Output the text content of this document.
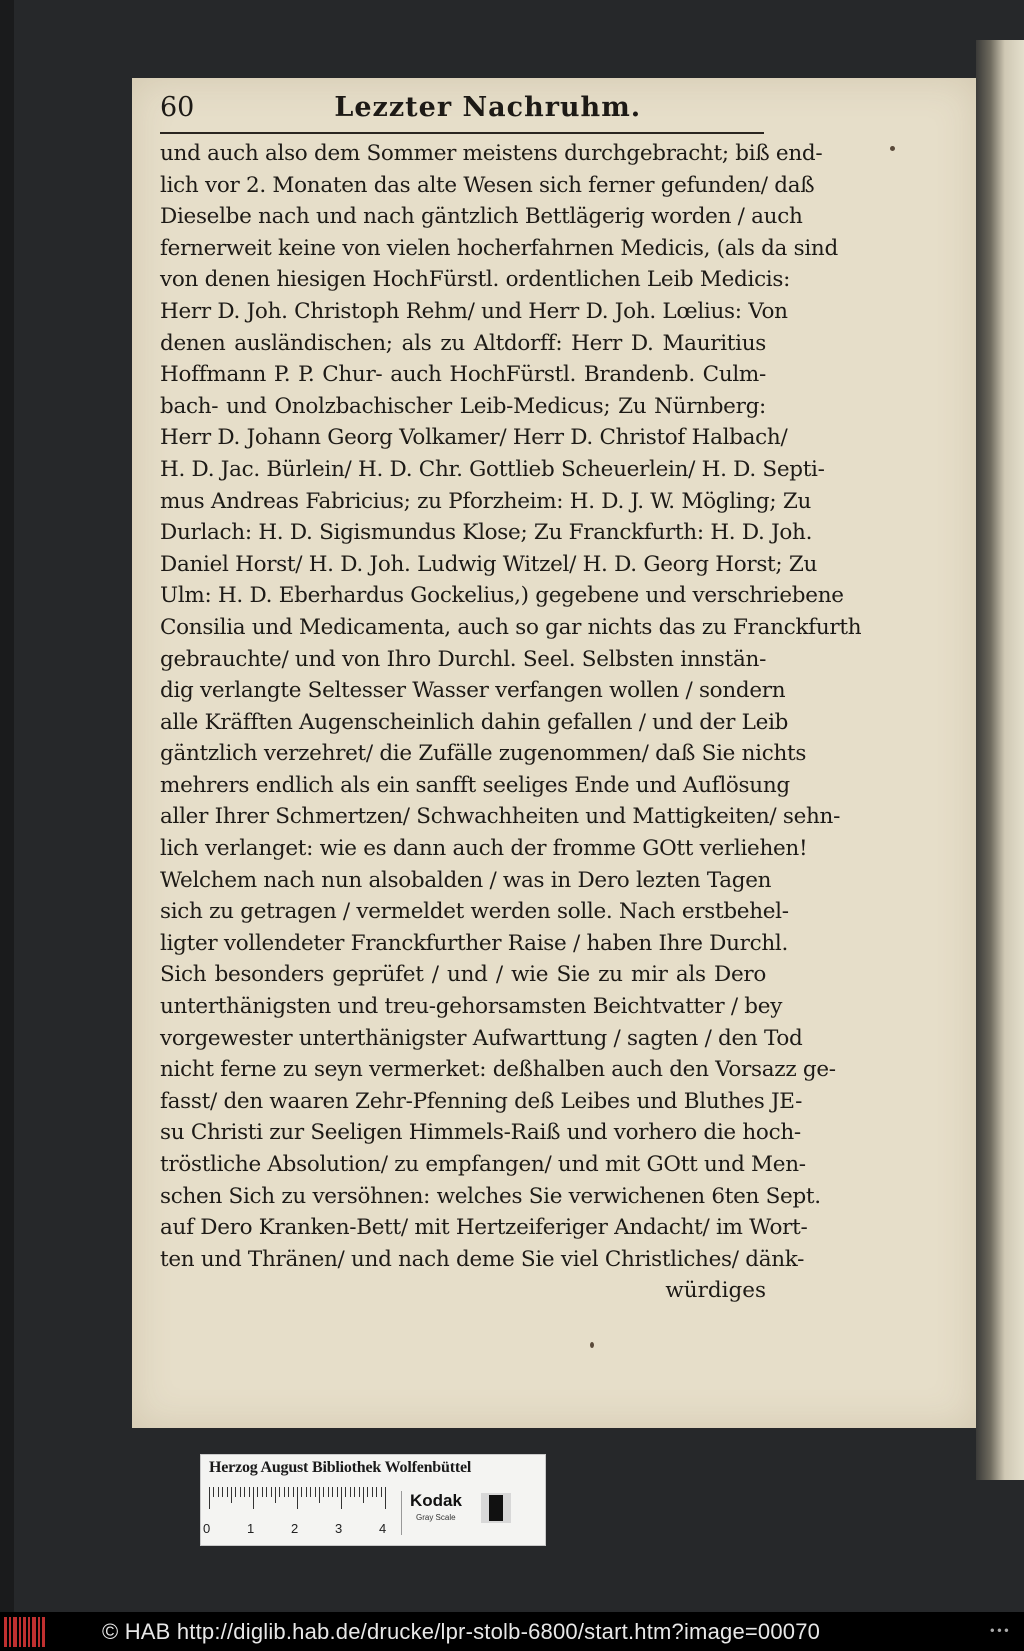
60	Lezzter Nachruhm.
und auch also dem Sommer meistens durchgebracht; biß end-
lich vor 2. Monaten das alte Wesen sich ferner gefunden/ daß
Dieselbe nach und nach gäntzlich Bettlägerig worden / auch
fernerweit keine von vielen hocherfahrnen Medicis, (als da sind
von denen hiesigen HochFürstl. ordentlichen Leib Medicis:
Herr D. Joh. Christoph Rehm/ und Herr D. Joh. Lœlius: Von
denen ausländischen; als zu Altdorff: Herr D. Mauritius
Hoffmann P. P. Chur- auch HochFürstl. Brandenb. Culm-
bach- und Onolzbachischer Leib-Medicus; Zu Nürnberg:
Herr D. Johann Georg Volkamer/ Herr D. Christof Halbach/
H. D. Jac. Bürlein/ H. D. Chr. Gottlieb Scheuerlein/ H. D. Septi-
mus Andreas Fabricius; zu Pforzheim: H. D. J. W. Mögling; Zu
Durlach: H. D. Sigismundus Klose; Zu Franckfurth: H. D. Joh.
Daniel Horst/ H. D. Joh. Ludwig Witzel/ H. D. Georg Horst; Zu
Ulm: H. D. Eberhardus Gockelius,) gegebene und verschriebene
Consilia und Medicamenta, auch so gar nichts das zu Franckfurth
gebrauchte/ und von Ihro Durchl. Seel. Selbsten innstän-
dig verlangte Seltesser Wasser verfangen wollen / sondern
alle Kräfften Augenscheinlich dahin gefallen / und der Leib
gäntzlich verzehret/ die Zufälle zugenommen/ daß Sie nichts
mehrers endlich als ein sanfft seeliges Ende und Auflösung
aller Ihrer Schmertzen/ Schwachheiten und Mattigkeiten/ sehn-
lich verlanget: wie es dann auch der fromme GOtt verliehen!
Welchem nach nun alsobalden / was in Dero lezten Tagen
sich zu getragen / vermeldet werden solle. Nach erstbehel-
ligter vollendeter Franckfurther Raise / haben Ihre Durchl.
Sich besonders geprüfet / und / wie Sie zu mir als Dero
unterthänigsten und treu-gehorsamsten Beichtvatter / bey
vorgewester unterthänigster Aufwarttung / sagten / den Tod
nicht ferne zu seyn vermerket: deßhalben auch den Vorsazz ge-
fasst/ den waaren Zehr-Pfenning deß Leibes und Bluthes JE-
su Christi zur Seeligen Himmels-Raiß und vorhero die hoch-
tröstliche Absolution/ zu empfangen/ und mit GOtt und Men-
schen Sich zu versöhnen: welches Sie verwichenen 6ten Sept.
auf Dero Kranken-Bett/ mit Hertzeiferiger Andacht/ im Wort-
ten und Thränen/ und nach deme Sie viel Christliches/ dänk-
würdiges
Herzog August Bibliothek Wolfenbüttel
0	1	2	3	4
Kodak
Gray Scale
© HAB http://diglib.hab.de/drucke/lpr-stolb-6800/start.htm?image=00070	•••
